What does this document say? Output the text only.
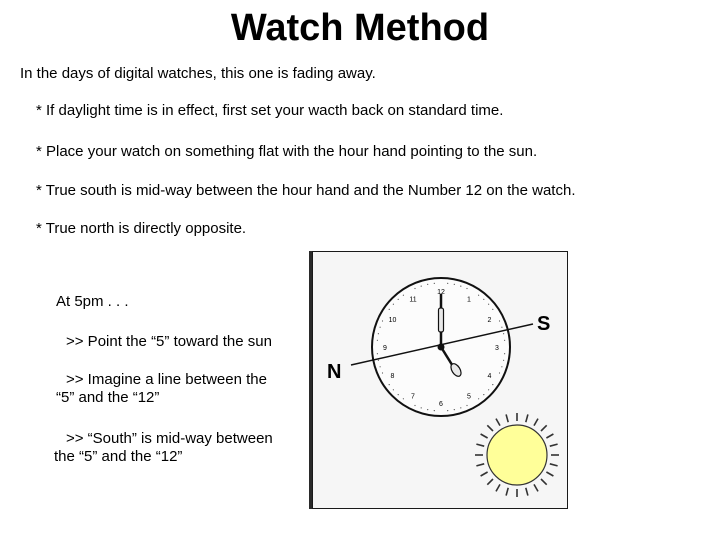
Watch Method
In the days of digital watches, this one is fading away.
* If daylight time is in effect, first set your wacth back on standard time.
* Place your watch on something flat with the hour hand pointing to the sun.
* True south is mid-way between the hour hand and the Number 12 on the watch.
* True north is directly opposite.
At 5pm . . .
>> Point the “5” toward the sun
>> Imagine a line between the
“5” and the “12”
>> “South” is mid-way between
the “5” and the “12”
12
1
2
3
4
5
6
7
8
9
10
11
N
S
